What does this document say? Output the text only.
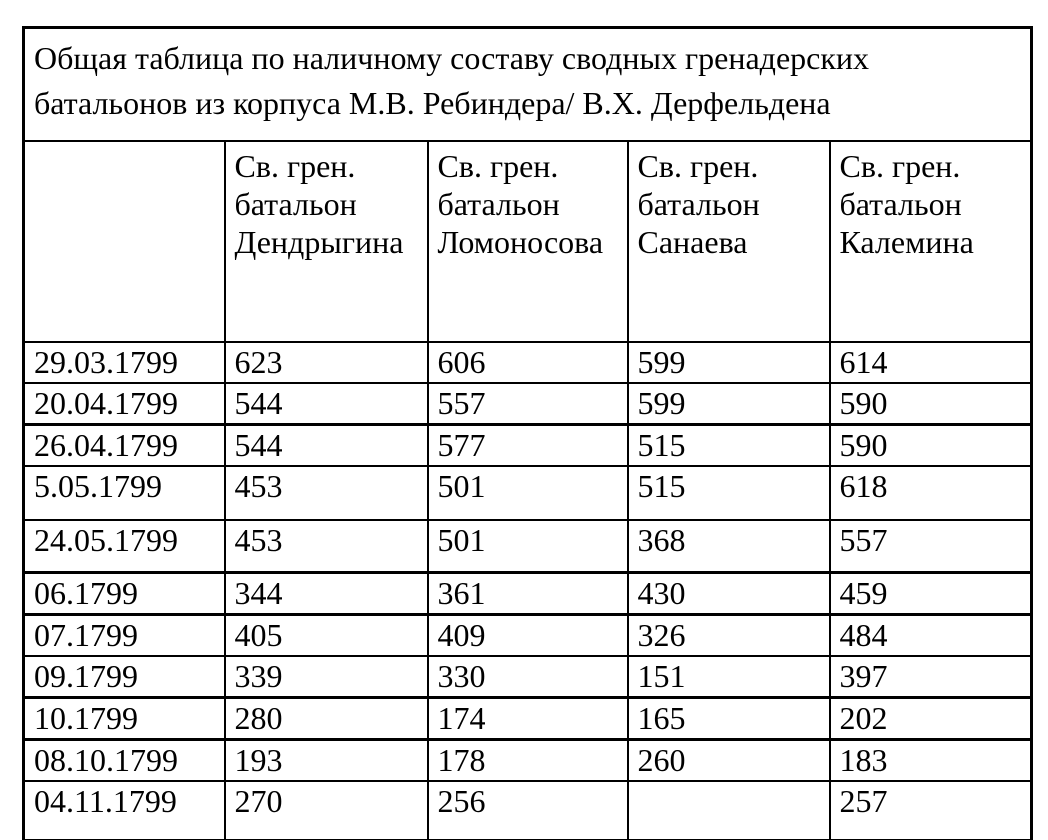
Общая таблица по наличному составу сводных гренадерских батальонов из корпуса М.В. Ребиндера/ В.Х. Дерфельдена				
	Св. грен. батальон Дендрыгина	Св. грен. батальон Ломоносова	Св. грен. батальон Санаева	Св. грен. батальон Калемина
29.03.1799	623	606	599	614
20.04.1799	544	557	599	590
26.04.1799	544	577	515	590
5.05.1799	453	501	515	618
24.05.1799	453	501	368	557
06.1799	344	361	430	459
07.1799	405	409	326	484
09.1799	339	330	151	397
10.1799	280	174	165	202
08.10.1799	193	178	260	183
04.11.1799	270	256		257
